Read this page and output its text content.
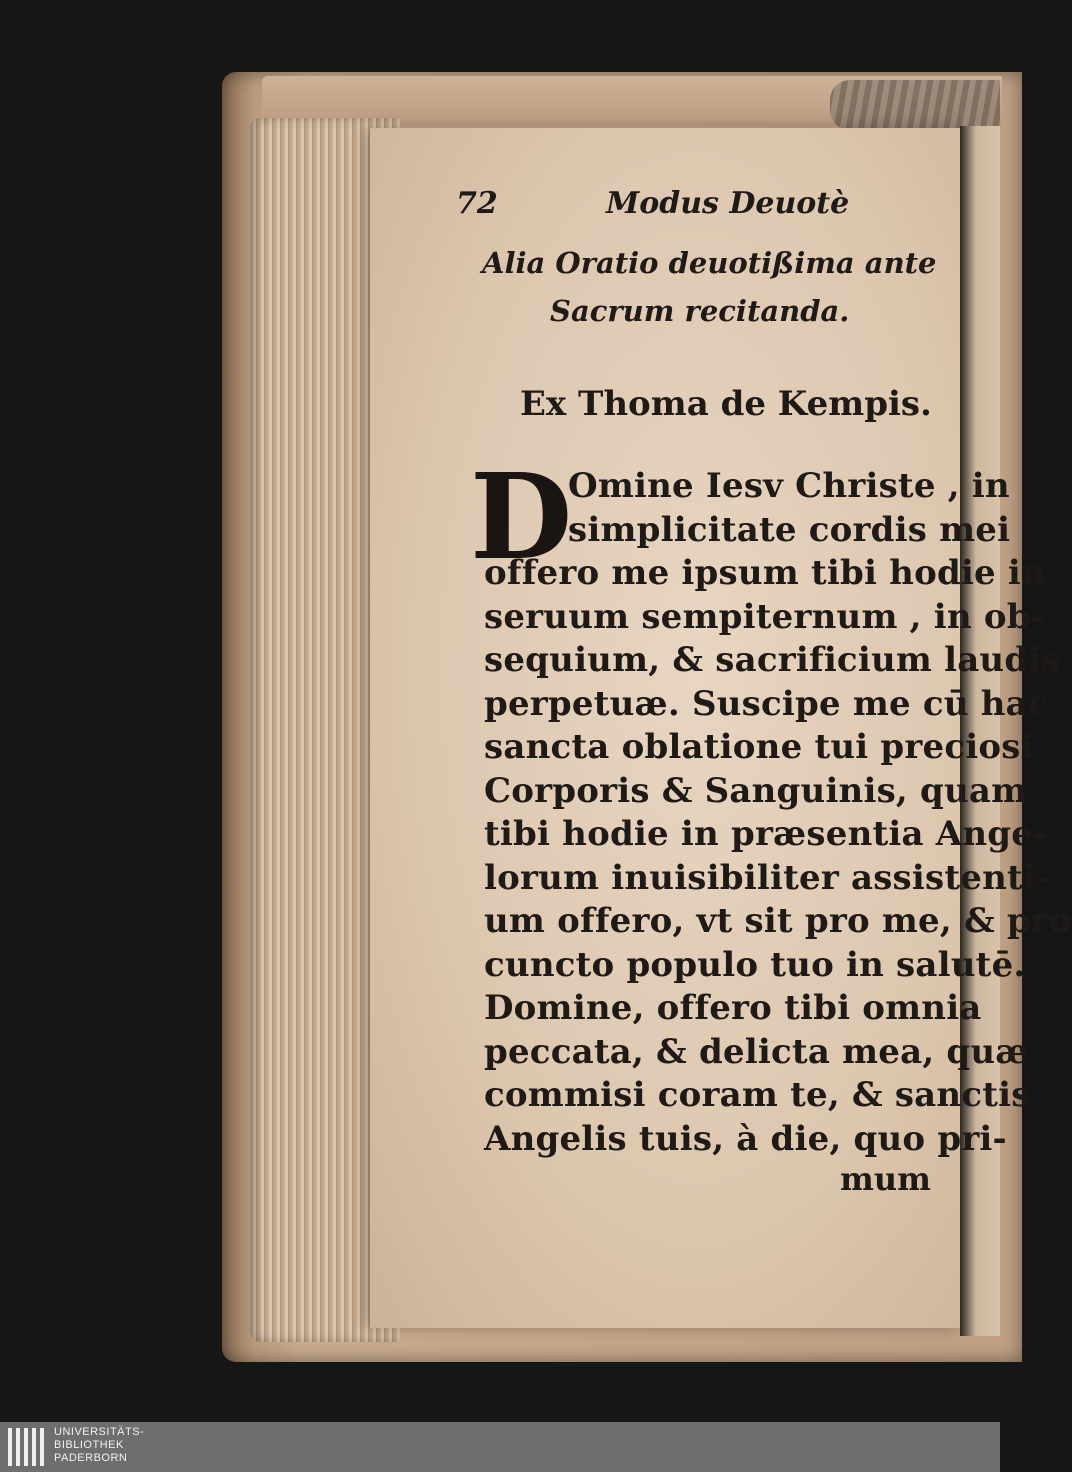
72	Modus Deuotè
Alia Oratio deuotißima ante
Sacrum recitanda.
Ex Thoma de Kempis.
D
Omine Iesv Christe , in
simplicitate cordis mei
offero me ipsum tibi hodie in
seruum sempiternum , in ob-
sequium, & sacrificium laudis
perpetuæ. Suscipe me cū hac
sancta oblatione tui preciosi
Corporis & Sanguinis, quam
tibi hodie in præsentia Ange-
lorum inuisibiliter assistenti-
um offero, vt sit pro me, & pro
cuncto populo tuo in salutē.
Domine, offero tibi omnia
peccata, & delicta mea, quæ
commisi coram te, & sanctis
Angelis tuis, à die, quo pri-
mum
UNIVERSITÄTS-
BIBLIOTHEK
PADERBORN
